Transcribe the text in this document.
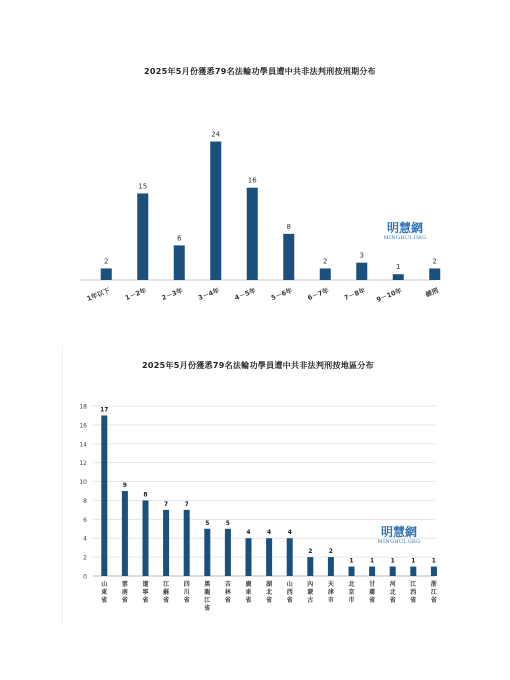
2025年5月份獲悉79名法輪功學員遭中共非法判刑按刑期分布
2
1年以下
15
1－2年
6
2－3年
24
3－4年
16
4－5年
8
5－6年
2
6－7年
3
7－8年
1
9－10年
2
緩刑
明慧網
MINGHUI.ORG
2025年5月份獲悉79名法輪功學員遭中共非法判刑按地區分布
0
2
4
6
8
10
12
14
16
18 17
山東省
9
雲南省
8
遼寧省
7
江蘇省
7
四川省
5
黑龍江省
5
吉林省
4
廣東省
4
湖北省
4
山西省
2
內蒙古
2
天津市
1
北京市
1
甘肅省
1
河北省
1
江西省
1
浙江省
明慧網
MINGHUI.ORG
